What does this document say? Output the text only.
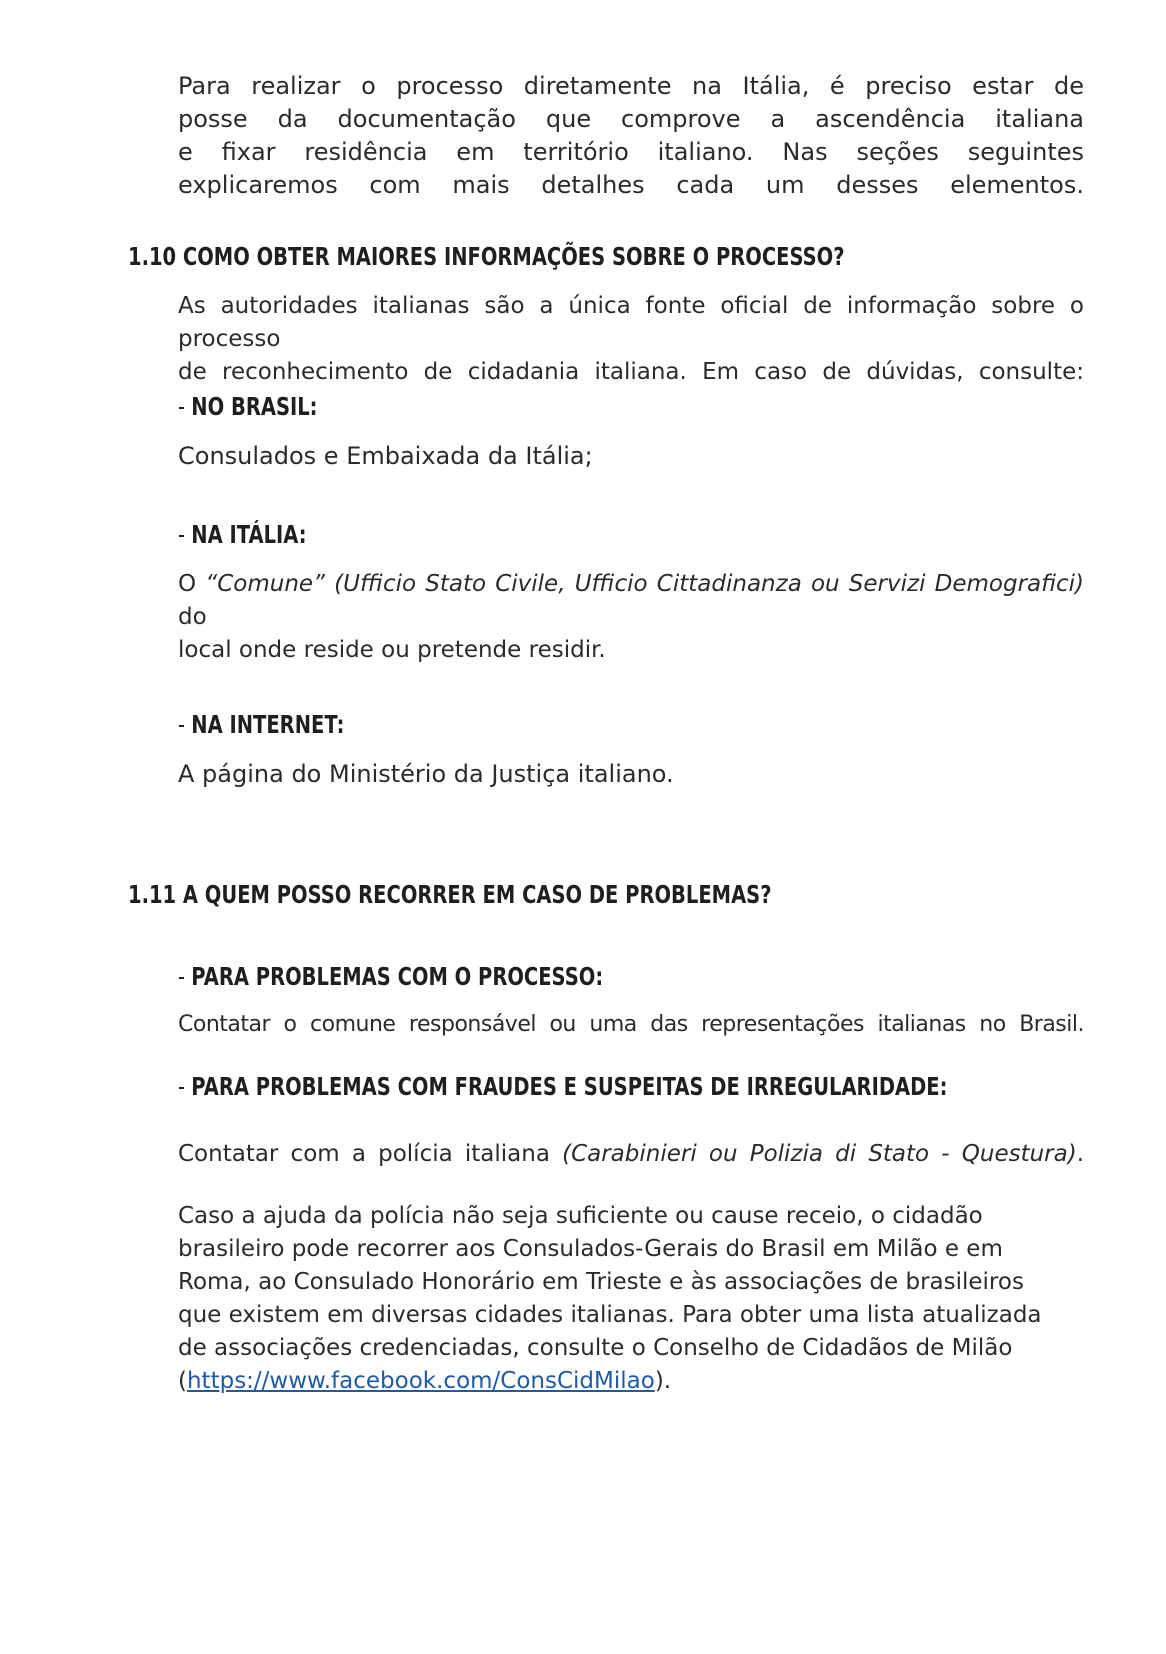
Para realizar o processo diretamente na Itália, é preciso estar de
posse da documentação que comprove a ascendência italiana
e fixar residência em território italiano. Nas seções seguintes
explicaremos com mais detalhes cada um desses elementos.

1.10 COMO OBTER MAIORES INFORMAÇÕES SOBRE O PROCESSO?

As autoridades italianas são a única fonte oficial de informação sobre o processo
de reconhecimento de cidadania italiana. Em caso de dúvidas, consulte:

- NO BRASIL:

Consulados e Embaixada da Itália;

- NA ITÁLIA:

O “Comune” (Ufficio Stato Civile, Ufficio Cittadinanza ou Servizi Demografici) do
local onde reside ou pretende residir.

- NA INTERNET:

A página do Ministério da Justiça italiano.

1.11 A QUEM POSSO RECORRER EM CASO DE PROBLEMAS?
- PARA PROBLEMAS COM O PROCESSO:

Contatar o comune responsável ou uma das representações italianas no Brasil.

- PARA PROBLEMAS COM FRAUDES E SUSPEITAS DE IRREGULARIDADE:

Contatar com a polícia italiana (Carabinieri ou Polizia di Stato - Questura).

Caso a ajuda da polícia não seja suficiente ou cause receio, o cidadão
brasileiro pode recorrer aos Consulados-Gerais do Brasil em Milão e em
Roma, ao Consulado Honorário em Trieste e às associações de brasileiros
que existem em diversas cidades italianas. Para obter uma lista atualizada
de associações credenciadas, consulte o Conselho de Cidadãos de Milão
(https://www.facebook.com/ConsCidMilao).
